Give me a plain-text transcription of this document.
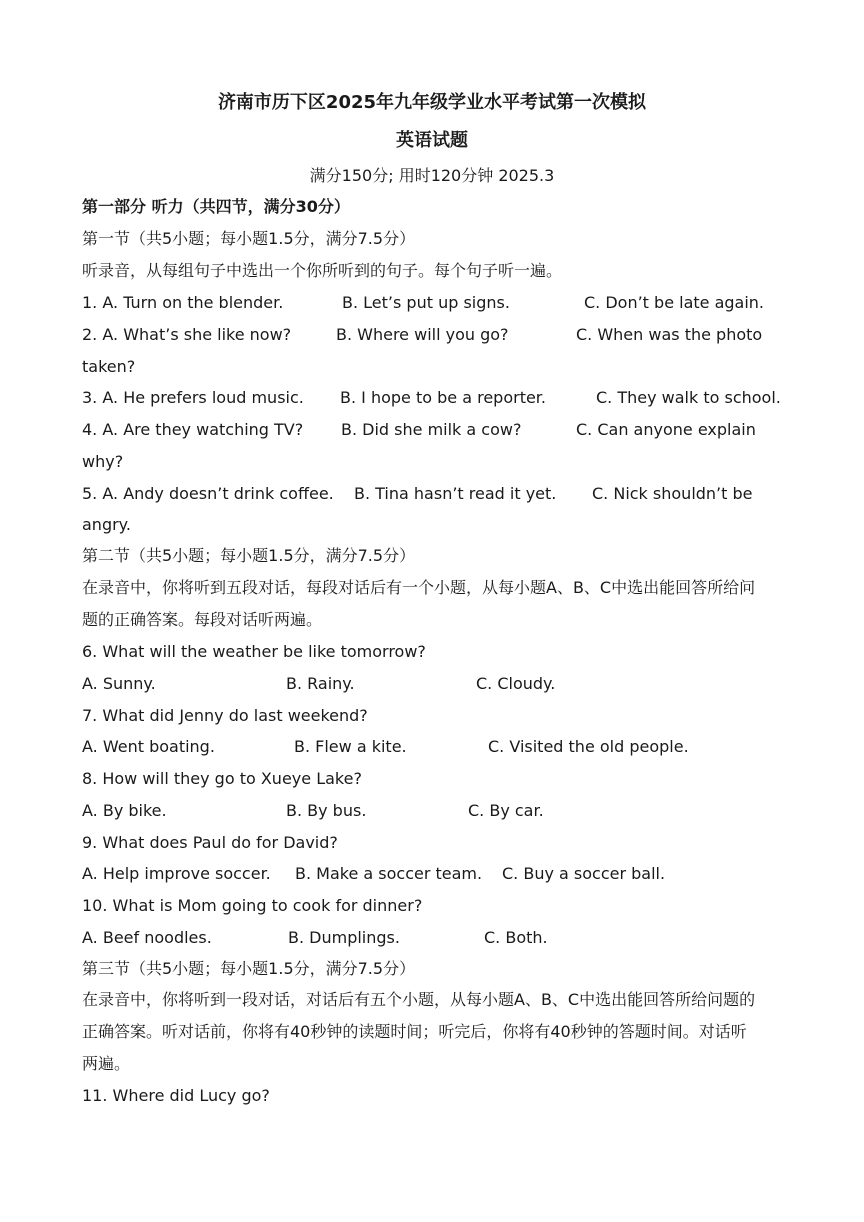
济南市历下区2025年九年级学业水平考试第一次模拟
英语试题
满分150分; 用时120分钟 2025.3
第一部分 听力（共四节，满分30分）
第一节（共5小题；每小题1.5分，满分7.5分）
听录音，从每组句子中选出一个你所听到的句子。每个句子听一遍。
1. A. Turn on the blender.	B. Let’s put up signs.	C. Don’t be late again.
2. A. What’s she like now?	B. Where will you go?	C. When was the photo
taken?
3. A. He prefers loud music. B. I hope to be a reporter.	C. They walk to school.
4. A. Are they watching TV? B. Did she milk a cow?	C. Can anyone explain
why?
5. A. Andy doesn’t drink coffee. B. Tina hasn’t read it yet. C. Nick shouldn’t be
angry.
第二节（共5小题；每小题1.5分，满分7.5分）
在录音中，你将听到五段对话，每段对话后有一个小题，从每小题A、B、C中选出能回答所给问
题的正确答案。每段对话听两遍。
6. What will the weather be like tomorrow?
A. Sunny.	B. Rainy.	C. Cloudy.
7. What did Jenny do last weekend?
A. Went boating.	B. Flew a kite.	C. Visited the old people.
8. How will they go to Xueye Lake?
A. By bike.	B. By bus.	C. By car.
9. What does Paul do for David?
A. Help improve soccer. B. Make a soccer team. C. Buy a soccer ball.
10. What is Mom going to cook for dinner?
A. Beef noodles.	B. Dumplings.	C. Both.
第三节（共5小题；每小题1.5分，满分7.5分）
在录音中，你将听到一段对话，对话后有五个小题，从每小题A、B、C中选出能回答所给问题的
正确答案。听对话前，你将有40秒钟的读题时间；听完后，你将有40秒钟的答题时间。对话听
两遍。
11. Where did Lucy go?
